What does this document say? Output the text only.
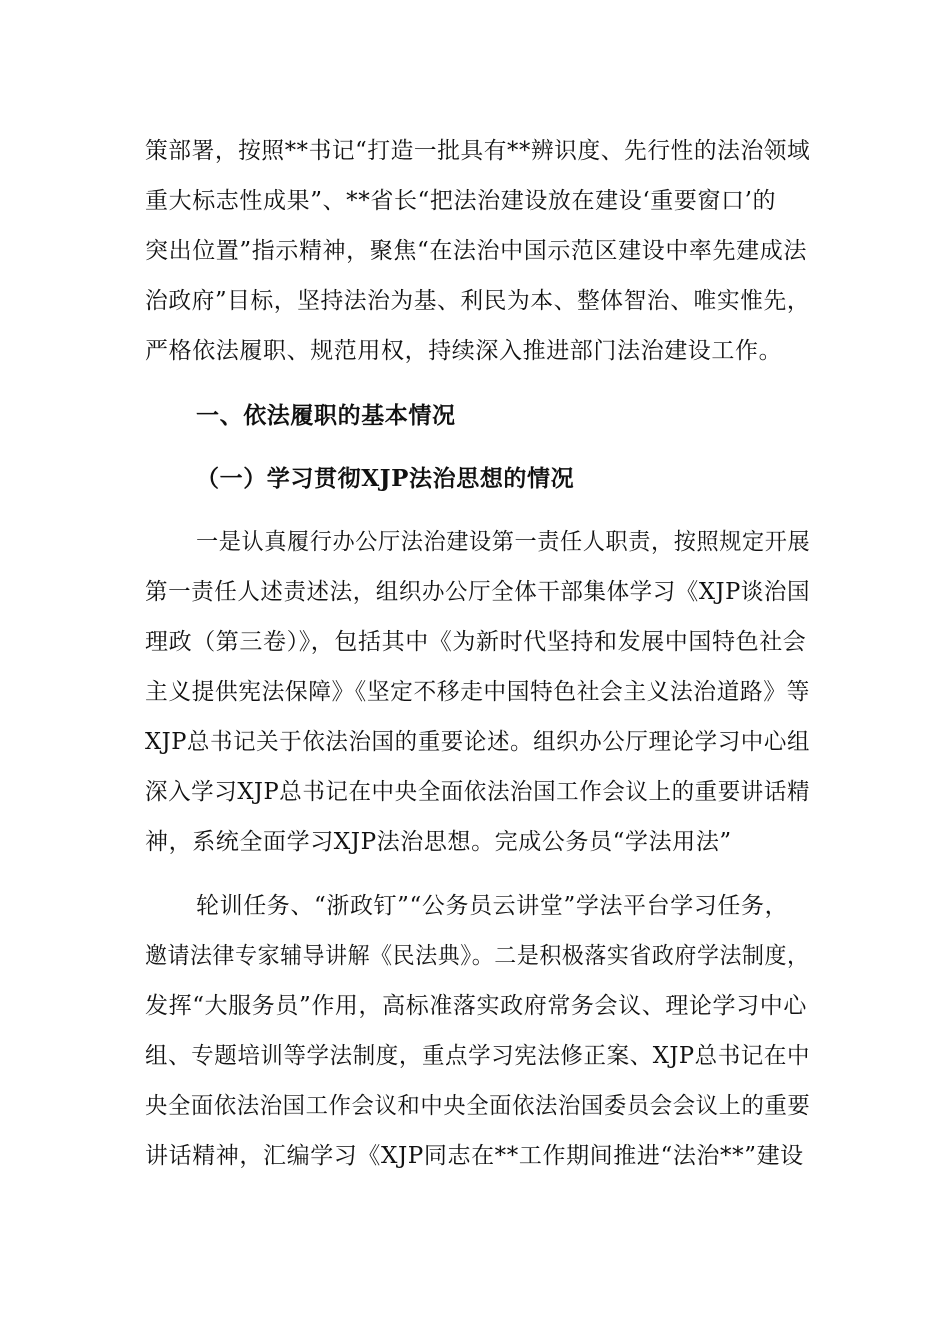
策部署，按照**书记“打造一批具有**辨识度、先行性的法治领域
重大标志性成果”、**省长“把法治建设放在建设‘重要窗口’的
突出位置”指示精神，聚焦“在法治中国示范区建设中率先建成法
治政府”目标，坚持法治为基、利民为本、整体智治、唯实惟先，
严格依法履职、规范用权，持续深入推进部门法治建设工作。
一、依法履职的基本情况
（一）学习贯彻XJP法治思想的情况
一是认真履行办公厅法治建设第一责任人职责，按照规定开展
第一责任人述责述法，组织办公厅全体干部集体学习《XJP谈治国
理政（第三卷）》，包括其中《为新时代坚持和发展中国特色社会
主义提供宪法保障》《坚定不移走中国特色社会主义法治道路》等
XJP总书记关于依法治国的重要论述。组织办公厅理论学习中心组
深入学习XJP总书记在中央全面依法治国工作会议上的重要讲话精
神，系统全面学习XJP法治思想。完成公务员“学法用法”
轮训任务、“浙政钉”“公务员云讲堂”学法平台学习任务，
邀请法律专家辅导讲解《民法典》。二是积极落实省政府学法制度，
发挥“大服务员”作用，高标准落实政府常务会议、理论学习中心
组、专题培训等学法制度，重点学习宪法修正案、XJP总书记在中
央全面依法治国工作会议和中央全面依法治国委员会会议上的重要
讲话精神，汇编学习《XJP同志在**工作期间推进“法治**”建设
